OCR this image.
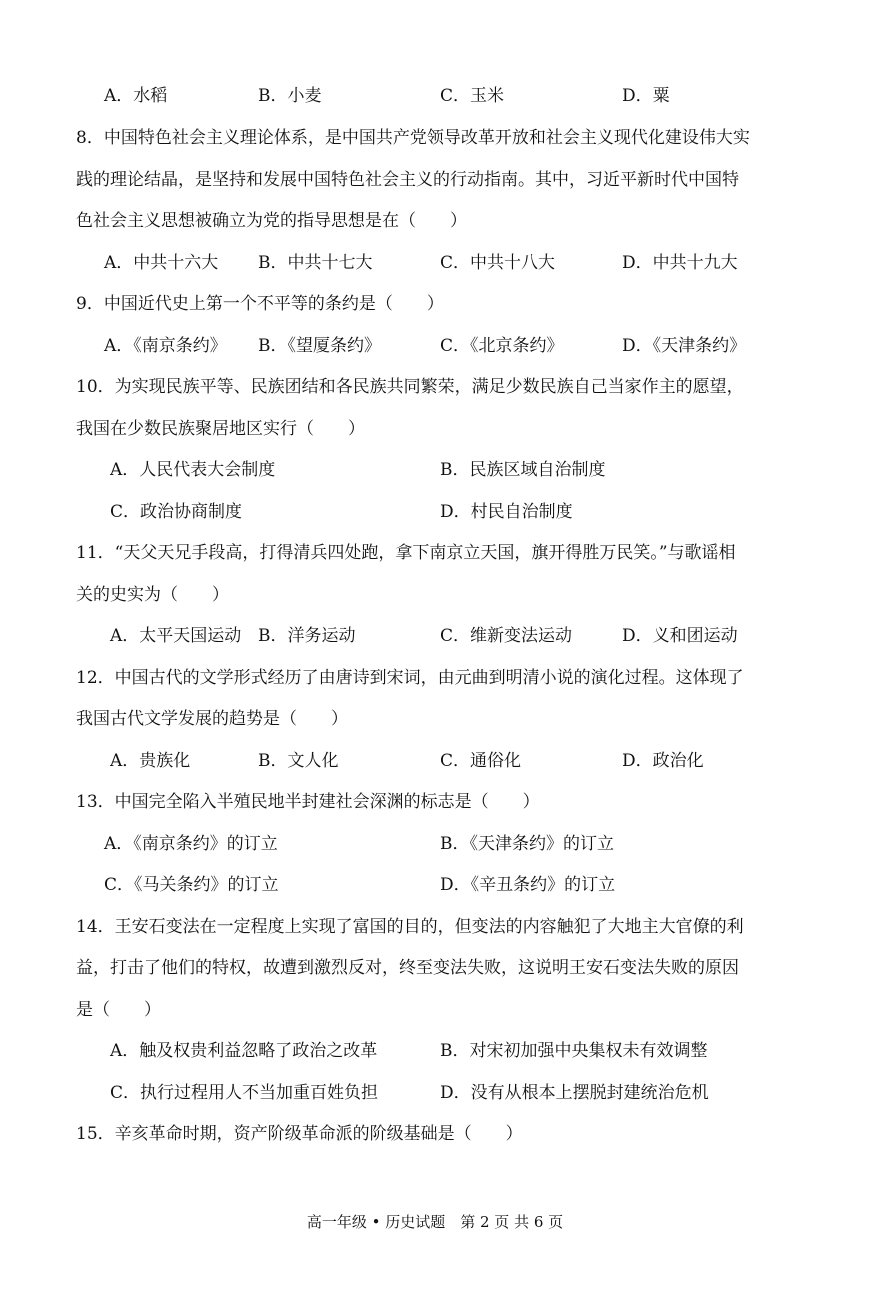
A．水稻	B．小麦	C．玉米	D．粟
8．中国特色社会主义理论体系，是中国共产党领导改革开放和社会主义现代化建设伟大实
践的理论结晶，是坚持和发展中国特色社会主义的行动指南。其中，习近平新时代中国特
色社会主义思想被确立为党的指导思想是在（　　）
A．中共十六大 B．中共十七大	C．中共十八大	D．中共十九大
9．中国近代史上第一个不平等的条约是（　　）
A．《南京条约》 B．《望厦条约》	C．《北京条约》	D．《天津条约》
10．为实现民族平等、民族团结和各民族共同繁荣，满足少数民族自己当家作主的愿望，
我国在少数民族聚居地区实行（　　）
A．人民代表大会制度	B．民族区域自治制度
C．政治协商制度	D．村民自治制度
11．“天父天兄手段高，打得清兵四处跑，拿下南京立天国，旗开得胜万民笑。”与歌谣相
关的史实为（　　）
A．太平天国运动 B．洋务运动	C．维新变法运动	D．义和团运动
12．中国古代的文学形式经历了由唐诗到宋词，由元曲到明清小说的演化过程。这体现了
我国古代文学发展的趋势是（　　）
A．贵族化	B．文人化	C．通俗化	D．政治化
13．中国完全陷入半殖民地半封建社会深渊的标志是（　　）
A．《南京条约》的订立	B．《天津条约》的订立
C．《马关条约》的订立	D．《辛丑条约》的订立
14．王安石变法在一定程度上实现了富国的目的，但变法的内容触犯了大地主大官僚的利
益，打击了他们的特权，故遭到激烈反对，终至变法失败，这说明王安石变法失败的原因
是（　　）
A．触及权贵利益忽略了政治之改革	B．对宋初加强中央集权未有效调整
C．执行过程用人不当加重百姓负担	D．没有从根本上摆脱封建统治危机
15．辛亥革命时期，资产阶级革命派的阶级基础是（　　）
高一年级 • 历史试题　第 2 页 共 6 页
